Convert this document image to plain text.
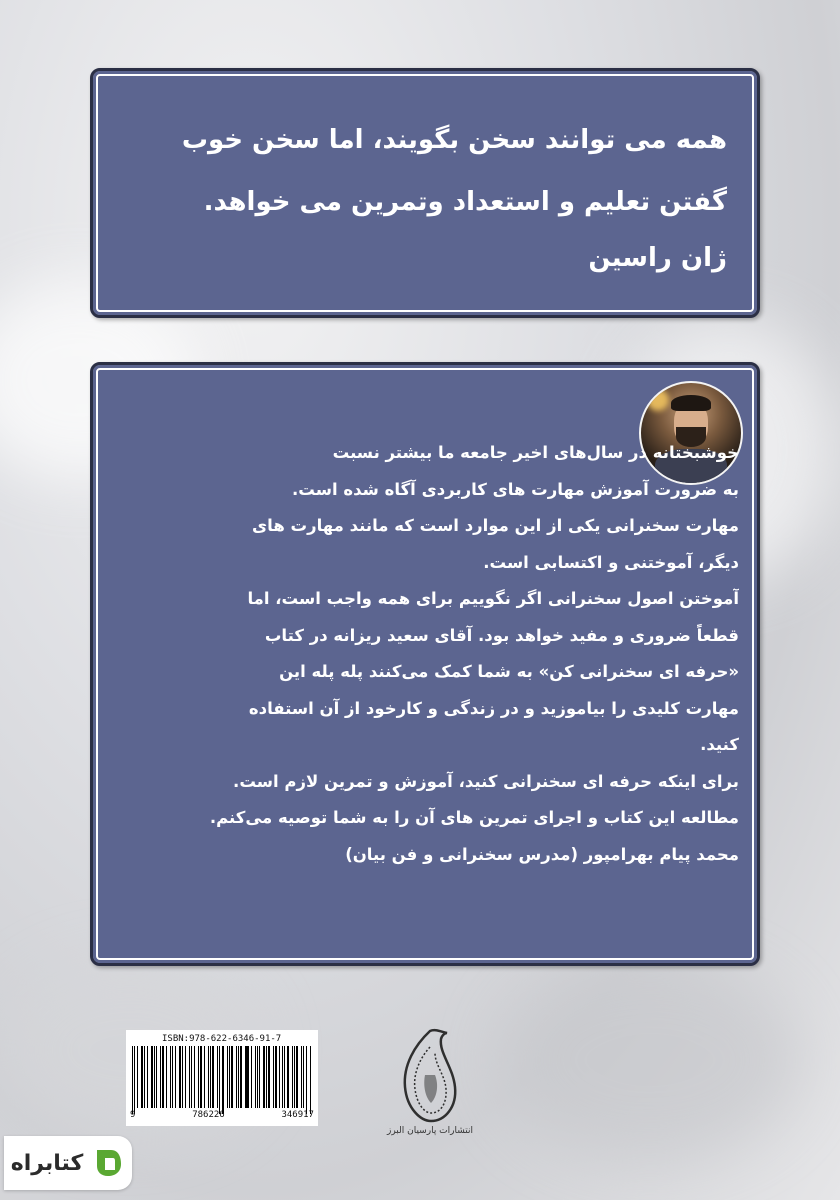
همه می توانند سخن بگویند، اما سخن خوب
گفتن تعلیم و استعداد وتمرین می خواهد.
ژان راسین
خوشبختانه در سال‌های اخیر جامعه ما بیشتر نسبت
به ضرورت آموزش مهارت های کاربردی آگاه شده است.
مهارت سخنرانی یکی از این موارد است که مانند مهارت های
دیگر، آموختنی و اکتسابی است.
آموختن اصول سخنرانی اگر نگوییم برای همه واجب است، اما
قطعاً ضروری و مفید خواهد بود. آقای سعید ریزانه در کتاب
«حرفه ای سخنرانی کن» به شما کمک می‌کنند پله پله این
مهارت کلیدی را بیاموزید و در زندگی و کارخود از آن استفاده
کنید.
برای اینکه حرفه ای سخنرانی کنید، آموزش و تمرین لازم است.
مطالعه این کتاب و اجرای تمرین های آن را به شما توصیه می‌کنم.
محمد پیام بهرامپور (مدرس سخنرانی و فن بیان)
ISBN:978-622-6346-91-7
9	786226	346917
انتشارات پارسیان البرز
کتابراه
